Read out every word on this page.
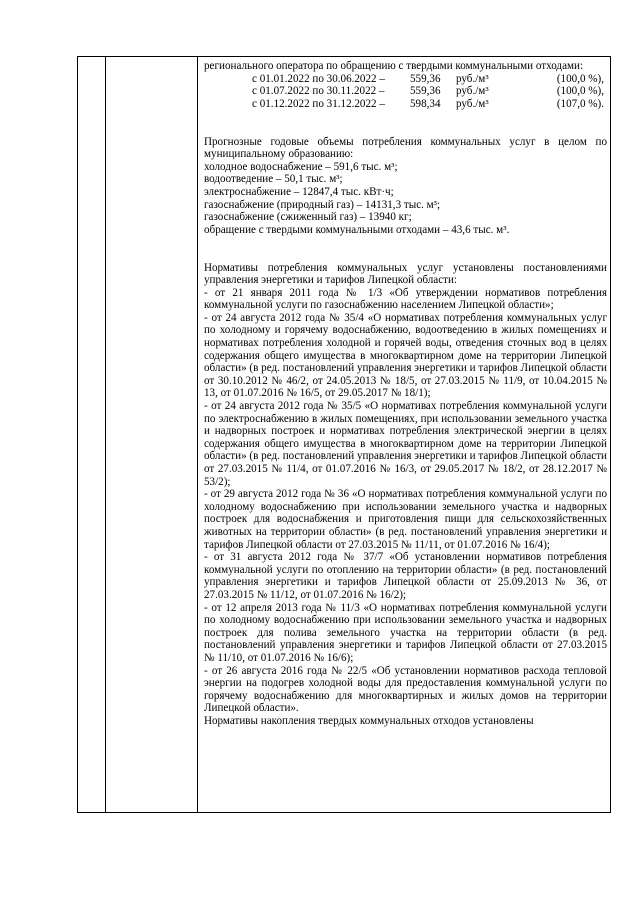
регионального оператора по обращению с твердыми коммунальными отходами:

с 01.01.2022 по 30.06.2022 –	559,36	руб./м³	(100,0 %),
с 01.07.2022 по 30.11.2022 –	559,36	руб./м³	(100,0 %),
с 01.12.2022 по 31.12.2022 –	598,34	руб./м³	(107,0 %).

Прогнозные годовые объемы потребления коммунальных услуг в целом по муниципальному образованию:

холодное водоснабжение – 591,6 тыс. м³;

водоотведение – 50,1 тыс. м³;

электроснабжение – 12847,4 тыс. кВт·ч;

газоснабжение (природный газ) – 14131,3 тыс. м³;

газоснабжение (сжиженный газ) – 13940 кг;

обращение с твердыми коммунальными отходами – 43,6 тыс. м³.

Нормативы потребления коммунальных услуг установлены постановлениями управления энергетики и тарифов Липецкой области:

- от 21 января 2011 года № 1/3 «Об утверждении нормативов потребления коммунальной услуги по газоснабжению населением Липецкой области»;

- от 24 августа 2012 года № 35/4 «О нормативах потребления коммунальных услуг по холодному и горячему водоснабжению, водоотведению в жилых помещениях и нормативах потребления холодной и горячей воды, отведения сточных вод в целях содержания общего имущества в многоквартирном доме на территории Липецкой области» (в ред. постановлений управления энергетики и тарифов Липецкой области от 30.10.2012 № 46/2, от 24.05.2013 № 18/5, от 27.03.2015 № 11/9, от 10.04.2015 № 13, от 01.07.2016 № 16/5, от 29.05.2017 № 18/1);

- от 24 августа 2012 года № 35/5 «О нормативах потребления коммунальной услуги по электроснабжению в жилых помещениях, при использовании земельного участка и надворных построек и нормативах потребления электрической энергии в целях содержания общего имущества в многоквартирном доме на территории Липецкой области» (в ред. постановлений управления энергетики и тарифов Липецкой области от 27.03.2015 № 11/4, от 01.07.2016 № 16/3, от 29.05.2017 № 18/2, от 28.12.2017 № 53/2);

- от 29 августа 2012 года № 36 «О нормативах потребления коммунальной услуги по холодному водоснабжению при использовании земельного участка и надворных построек для водоснабжения и приготовления пищи для сельскохозяйственных животных на территории области» (в ред. постановлений управления энергетики и тарифов Липецкой области от 27.03.2015 № 11/11, от 01.07.2016 № 16/4);

- от 31 августа 2012 года № 37/7 «Об установлении нормативов потребления коммунальной услуги по отоплению на территории области» (в ред. постановлений управления энергетики и тарифов Липецкой области от 25.09.2013 № 36, от 27.03.2015 № 11/12, от 01.07.2016 № 16/2);

- от 12 апреля 2013 года № 11/3 «О нормативах потребления коммунальной услуги по холодному водоснабжению при использовании земельного участка и надворных построек для полива земельного участка на территории области (в ред. постановлений управления энергетики и тарифов Липецкой области от 27.03.2015 № 11/10, от 01.07.2016 № 16/6);

- от 26 августа 2016 года № 22/5 «Об установлении нормативов расхода тепловой энергии на подогрев холодной воды для предоставления коммунальной услуги по горячему водоснабжению для многоквартирных и жилых домов на территории Липецкой области».

Нормативы накопления твердых коммунальных отходов установлены
